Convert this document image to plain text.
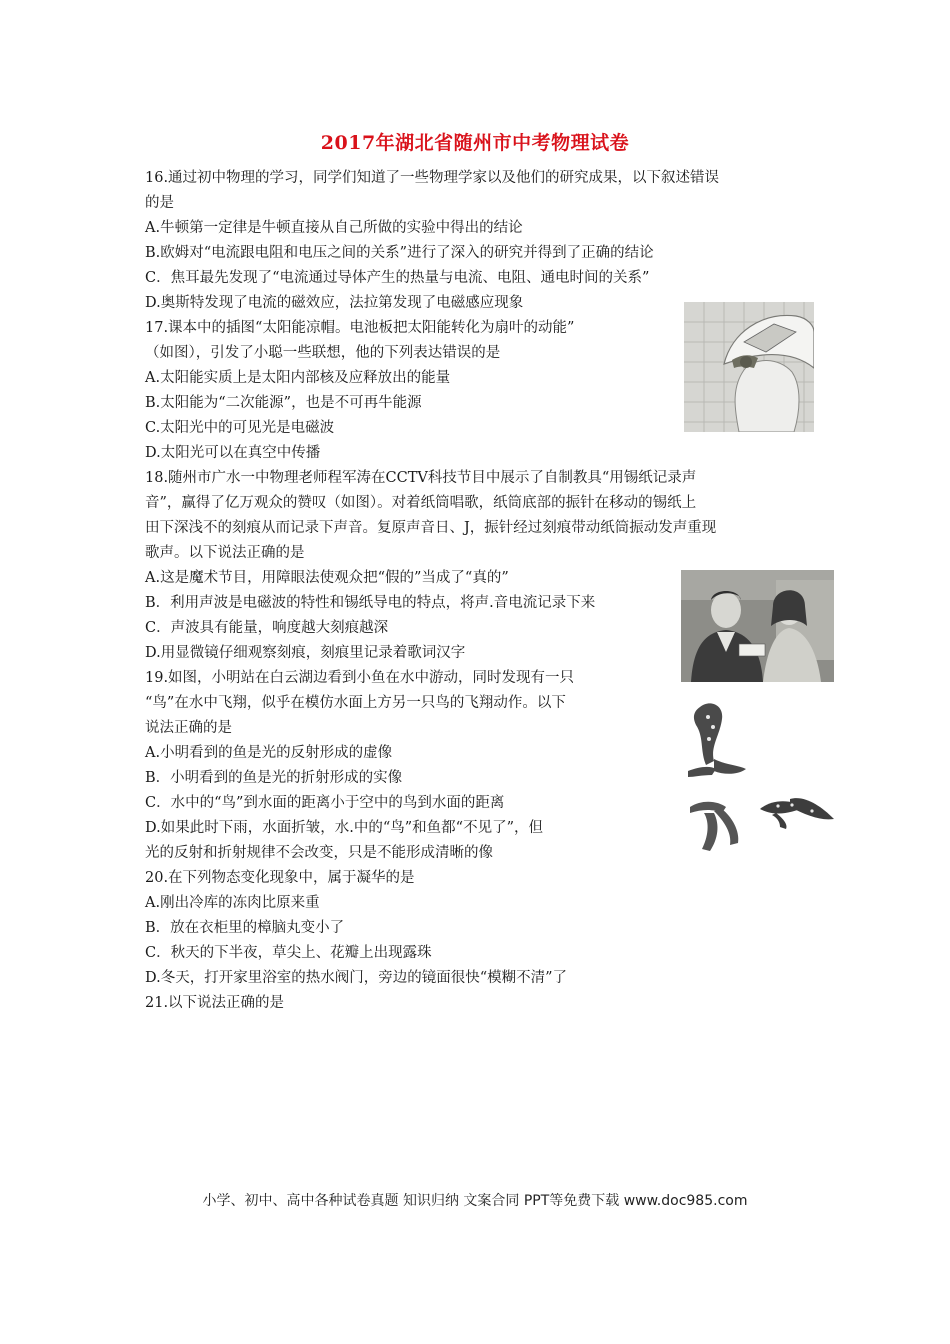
2017年湖北省随州市中考物理试卷
16.通过初中物理的学习，同学们知道了一些物理学家以及他们的研究成果，以下叙述错误
的是
A.牛顿第一定律是牛顿直接从自己所做的实验中得出的结论
B.欧姆对“电流跟电阻和电压之间的关系”进行了深入的研究并得到了正确的结论
C．焦耳最先发现了“电流通过导体产生的热量与电流、电阻、通电时间的关系”
D.奥斯特发现了电流的磁效应，法拉第发现了电磁感应现象
17.课本中的插图“太阳能凉帽。电池板把太阳能转化为扇叶的动能”
（如图），引发了小聪一些联想，他的下列表达错误的是
A.太阳能实质上是太阳内部核及应释放出的能量
B.太阳能为“二次能源”，也是不可再牛能源
C.太阳光中的可见光是电磁波
D.太阳光可以在真空中传播
18.随州市广水一中物理老师程军涛在CCTV科技节目中展示了自制教具“用锡纸记录声
音”，赢得了亿万观众的赞叹（如图）。对着纸筒唱歌，纸筒底部的振针在移动的锡纸上
田下深浅不的刻痕从而记录下声音。复原声音日、J，振针经过刻痕带动纸筒振动发声重现
歌声。以下说法正确的是
A.这是魔术节目，用障眼法使观众把“假的”当成了“真的”
B．利用声波是电磁波的特性和锡纸导电的特点，将声.音电流记录下来
C．声波具有能量，响度越大刻痕越深
D.用显微镜仔细观察刻痕，刻痕里记录着歌词汉字
19.如图，小明站在白云湖边看到小鱼在水中游动，同时发现有一只
“鸟”在水中飞翔，似乎在模仿水面上方另一只鸟的飞翔动作。以下
说法正确的是
A.小明看到的鱼是光的反射形成的虚像
B．小明看到的鱼是光的折射形成的实像
C．水中的“鸟”到水面的距离小于空中的鸟到水面的距离
D.如果此时下雨，水面折皱，水.中的“鸟”和鱼都“不见了”，但
光的反射和折射规律不会改变，只是不能形成清晰的像
20.在下列物态变化现象中，属于凝华的是
A.刚出冷库的冻肉比原来重
B．放在衣柜里的樟脑丸变小了
C．秋天的下半夜，草尖上、花瓣上出现露珠
D.冬天，打开家里浴室的热水阀门，旁边的镜面很快“模糊不清”了
21.以下说法正确的是
小学、初中、高中各种试卷真题 知识归纳 文案合同 PPT等免费下载 www.doc985.com
